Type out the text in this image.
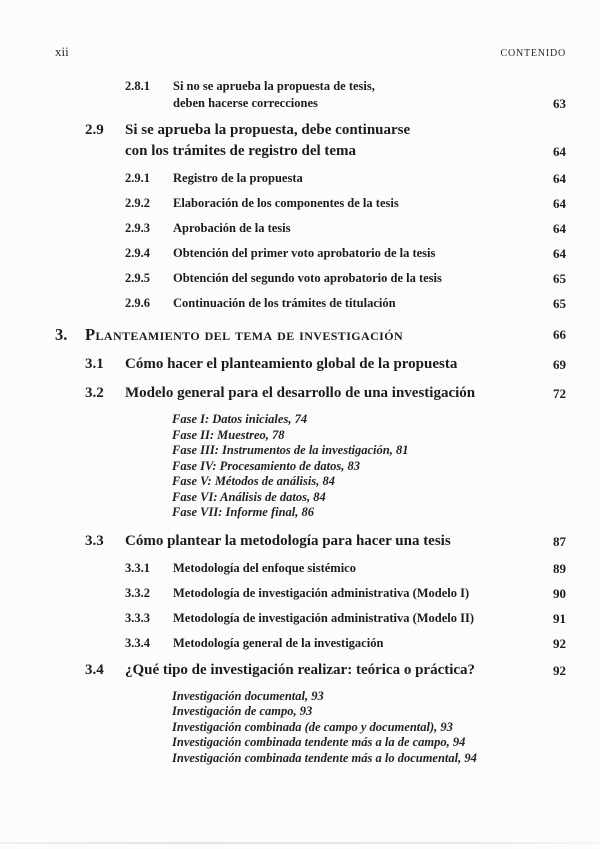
xii	CONTENIDO
2.8.1	Si no se aprueba la propuesta de tesis,
deben hacerse correcciones	63
2.9	Si se aprueba la propuesta, debe continuarse
con los trámites de registro del tema	64
2.9.1	Registro de la propuesta	64
2.9.2	Elaboración de los componentes de la tesis	64
2.9.3	Aprobación de la tesis	64
2.9.4	Obtención del primer voto aprobatorio de la tesis	64
2.9.5	Obtención del segundo voto aprobatorio de la tesis	65
2.9.6	Continuación de los trámites de titulación	65
3.	Planteamiento del tema de investigación	66
3.1	Cómo hacer el planteamiento global de la propuesta	69
3.2	Modelo general para el desarrollo de una investigación	72
Fase I: Datos iniciales, 74
Fase II: Muestreo, 78
Fase III: Instrumentos de la investigación, 81
Fase IV: Procesamiento de datos, 83
Fase V: Métodos de análisis, 84
Fase VI: Análisis de datos, 84
Fase VII: Informe final, 86
3.3	Cómo plantear la metodología para hacer una tesis	87
3.3.1	Metodología del enfoque sistémico	89
3.3.2	Metodología de investigación administrativa (Modelo I)	90
3.3.3	Metodología de investigación administrativa (Modelo II)	91
3.3.4	Metodología general de la investigación	92
3.4	¿Qué tipo de investigación realizar: teórica o práctica?	92
Investigación documental, 93
Investigación de campo, 93
Investigación combinada (de campo y documental), 93
Investigación combinada tendente más a la de campo, 94
Investigación combinada tendente más a lo documental, 94
